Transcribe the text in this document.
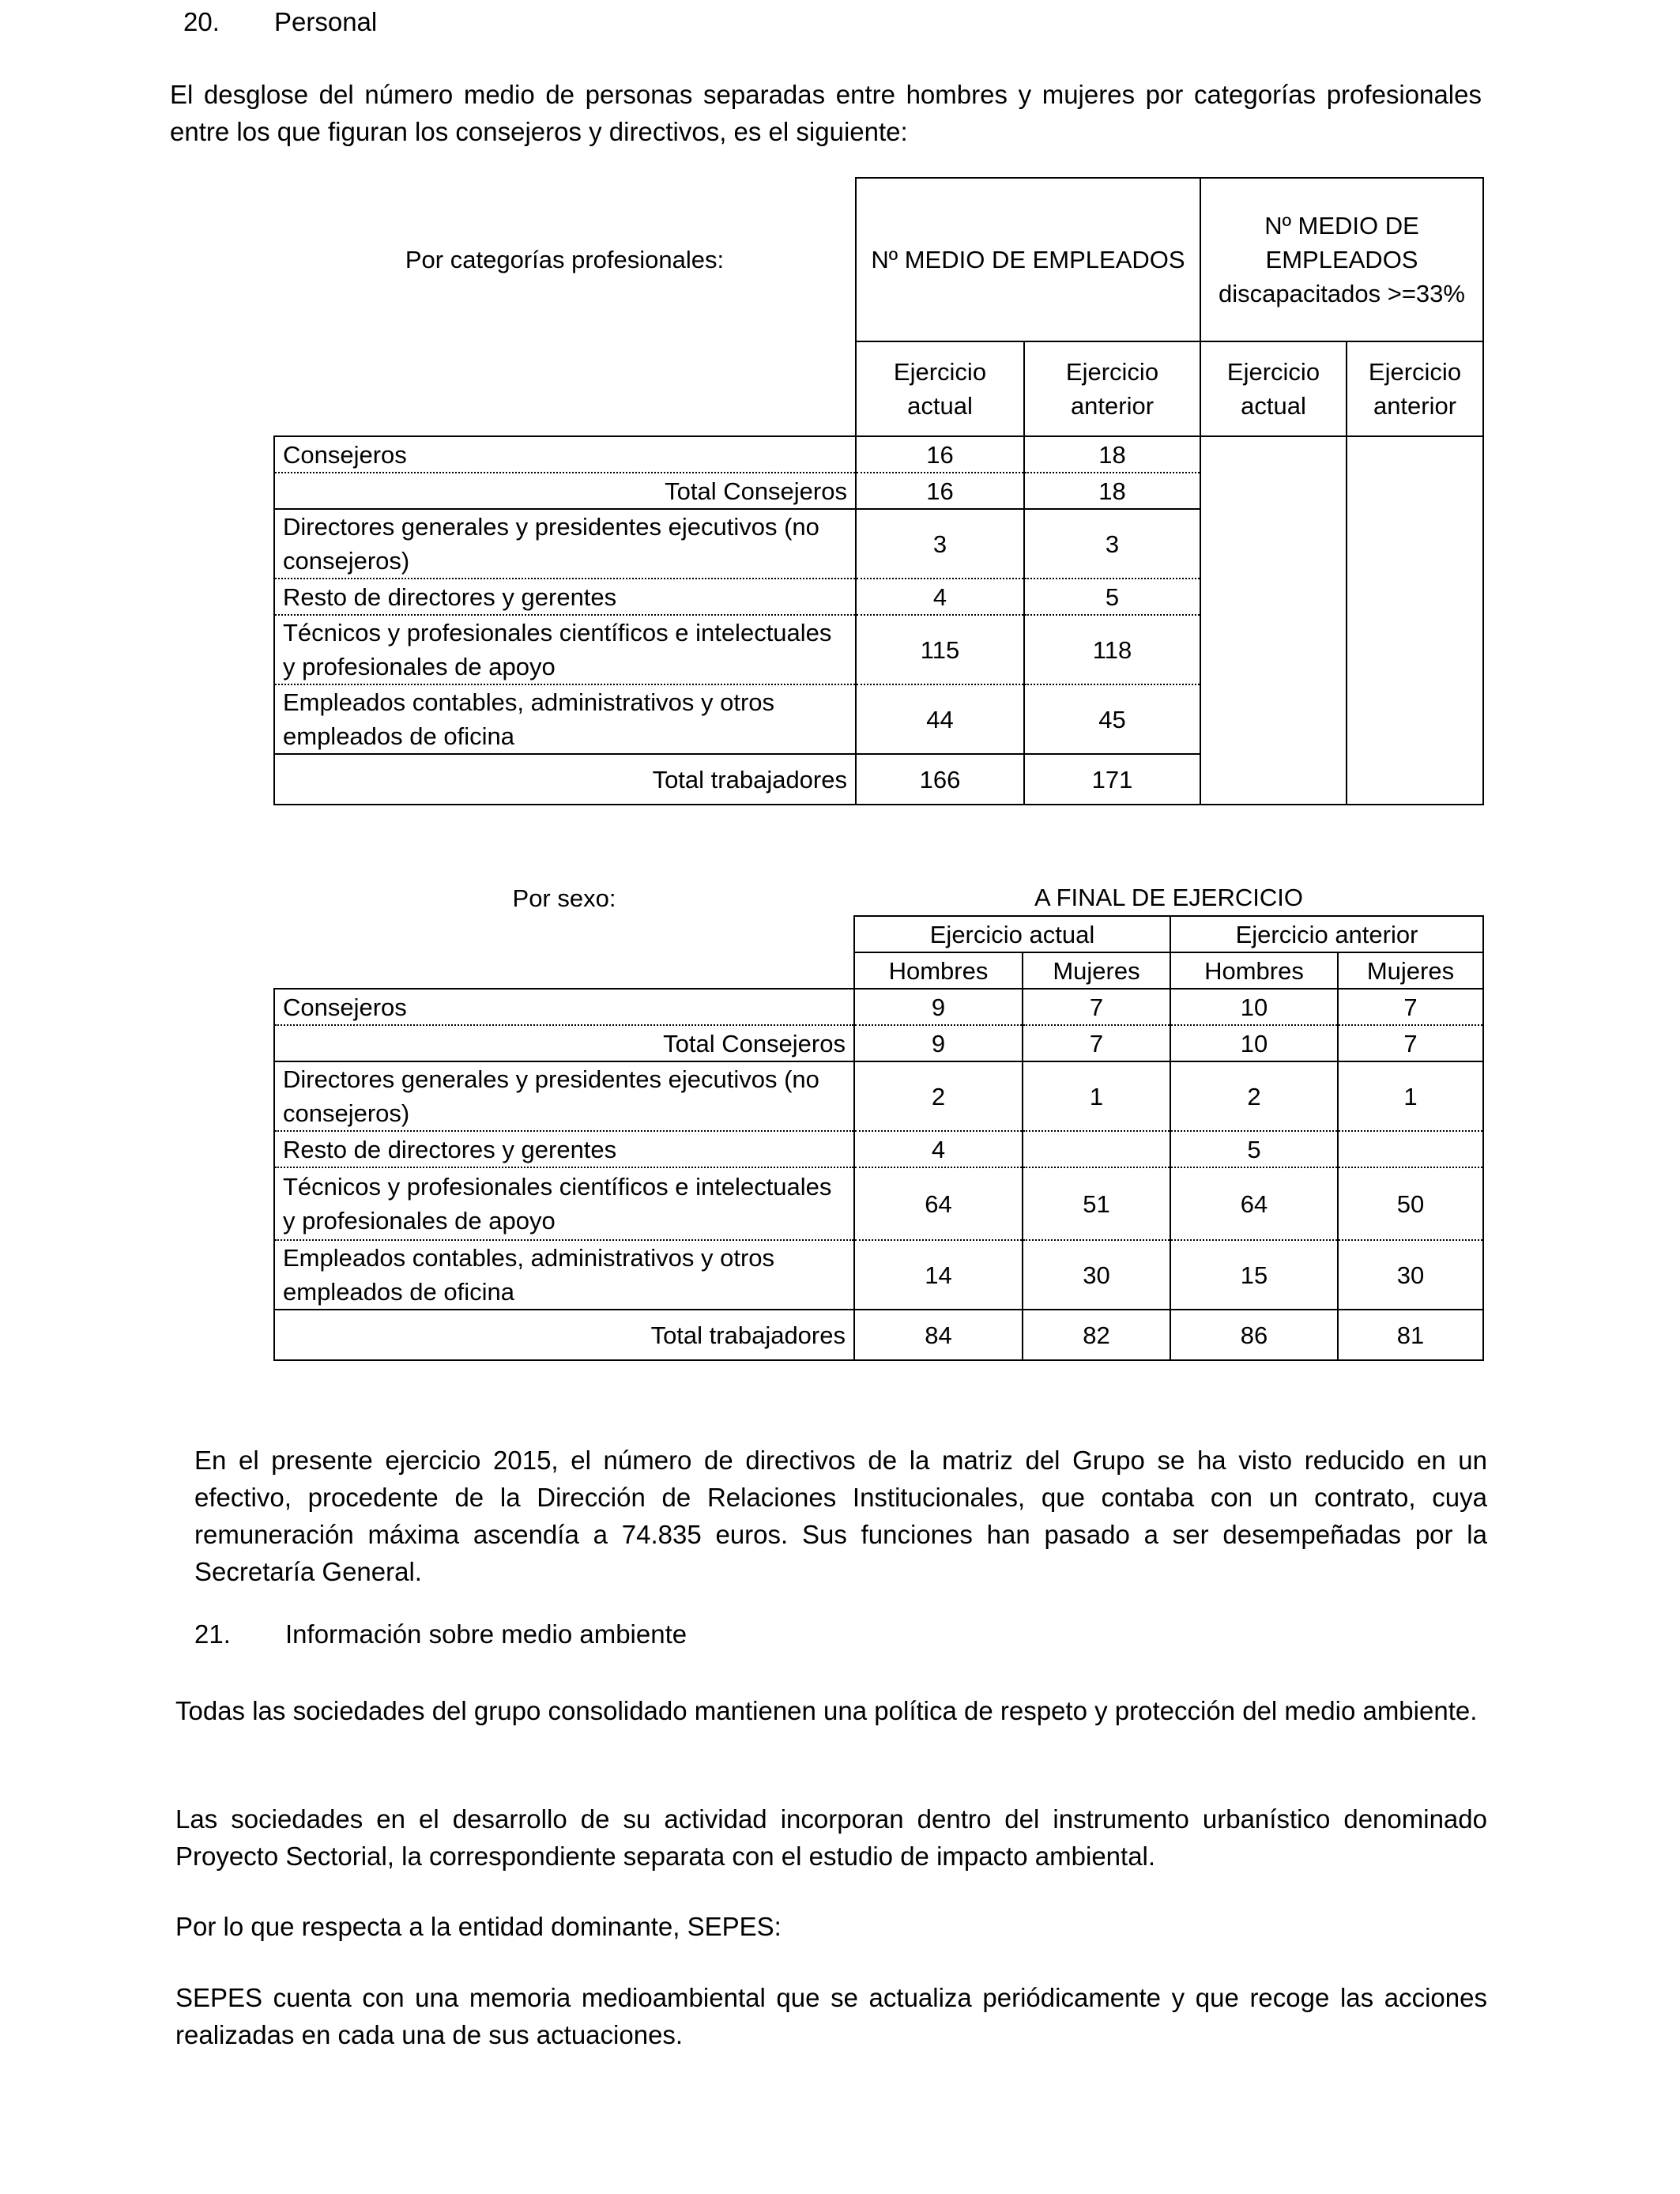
20. Personal

El desglose del número medio de personas separadas entre hombres y mujeres por categorías profesionales entre los que figuran los consejeros y directivos, es el siguiente:

Por categorías profesionales:	Nº MEDIO DE EMPLEADOS		Nº MEDIO DE EMPLEADOS discapacitados >=33%	
	Ejercicio actual	Ejercicio anterior	Ejercicio actual	Ejercicio anterior
Consejeros	16	18		
Total Consejeros	16	18		
Directores generales y presidentes ejecutivos (no consejeros)	3	3		
Resto de directores y gerentes	4	5		
Técnicos y profesionales científicos e intelectuales y profesionales de apoyo	115	118		
Empleados contables, administrativos y otros empleados de oficina	44	45		
Total trabajadores	166	171		
Por sexo:	A FINAL DE EJERCICIO			
	Ejercicio actual		Ejercicio anterior	
	Hombres	Mujeres	Hombres	Mujeres
Consejeros	9	7	10	7
Total Consejeros	9	7	10	7
Directores generales y presidentes ejecutivos (no consejeros)	2	1	2	1
Resto de directores y gerentes	4		5	
Técnicos y profesionales científicos e intelectuales y profesionales de apoyo	64	51	64	50
Empleados contables, administrativos y otros empleados de oficina	14	30	15	30
Total trabajadores	84	82	86	81

En el presente ejercicio 2015, el número de directivos de la matriz del Grupo se ha visto reducido en un efectivo, procedente de la Dirección de Relaciones Institucionales, que contaba con un contrato, cuya remuneración máxima ascendía a 74.835 euros. Sus funciones han pasado a ser desempeñadas por la Secretaría General.

21. Información sobre medio ambiente

Todas las sociedades del grupo consolidado mantienen una política de respeto y protección del medio ambiente.

Las sociedades en el desarrollo de su actividad incorporan dentro del instrumento urbanístico denominado Proyecto Sectorial, la correspondiente separata con el estudio de impacto ambiental.

Por lo que respecta a la entidad dominante, SEPES:

SEPES cuenta con una memoria medioambiental que se actualiza periódicamente y que recoge las acciones realizadas en cada una de sus actuaciones.
